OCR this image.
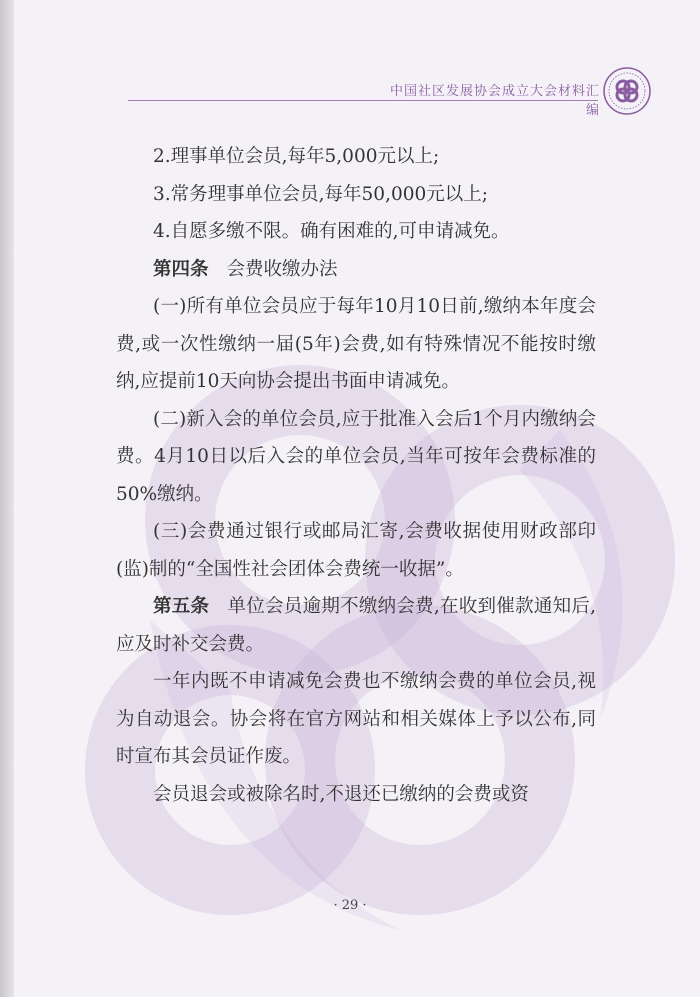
中国社区发展协会成立大会材料汇编

2.理事单位会员,每年5,000元以上;

3.常务理事单位会员,每年50,000元以上;

4.自愿多缴不限。确有困难的,可申请减免。

第四条 会费收缴办法

(一)所有单位会员应于每年10月10日前,缴纳本年度会费,或一次性缴纳一届(5年)会费,如有特殊情况不能按时缴纳,应提前10天向协会提出书面申请减免。

(二)新入会的单位会员,应于批准入会后1个月内缴纳会费。4月10日以后入会的单位会员,当年可按年会费标准的50%缴纳。

(三)会费通过银行或邮局汇寄,会费收据使用财政部印(监)制的“全国性社会团体会费统一收据”。

第五条 单位会员逾期不缴纳会费,在收到催款通知后,应及时补交会费。

一年内既不申请减免会费也不缴纳会费的单位会员,视为自动退会。协会将在官方网站和相关媒体上予以公布,同时宣布其会员证作废。

会员退会或被除名时,不退还已缴纳的会费或资

· 29 ·
